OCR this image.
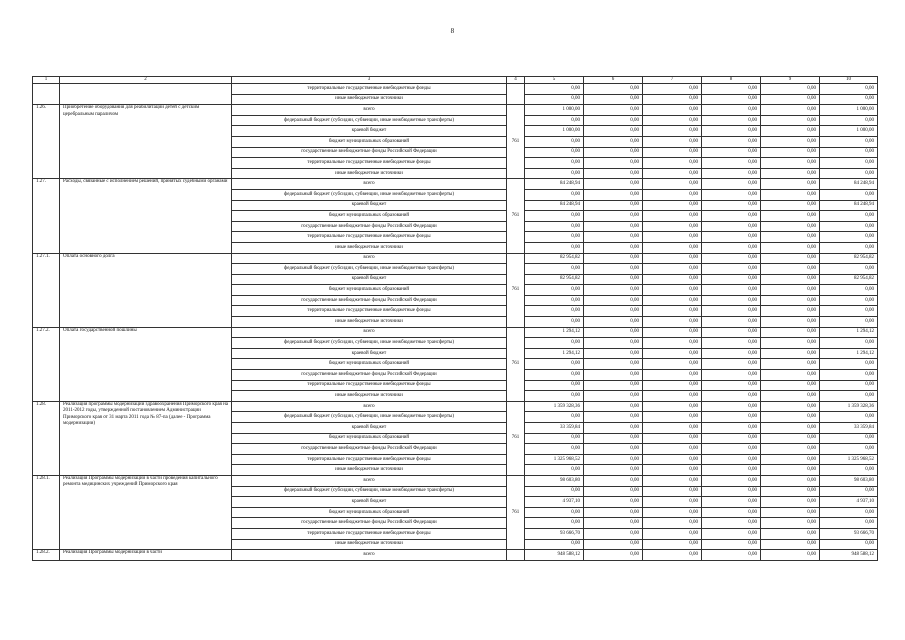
8
1	2	3	4	5	6	7	8	9	10
		территориальные государственные внебюджетные фонды		0,00	0,00	0,00	0,00	0,00	0,00
		иные внебюджетные источники		0,00	0,00	0,00	0,00	0,00	0,00
1.26.	Приобретение оборудования для реабилитации детей с детским церебральным параличом	всего	761	1 000,00	0,00	0,00	0,00	0,00	1 000,00
		федеральный бюджет (субсидии, субвенции, иные межбюджетные трансферты)		0,00	0,00	0,00	0,00	0,00	0,00
		краевой бюджет		1 000,00	0,00	0,00	0,00	0,00	1 000,00
		бюджет муниципальных образований		0,00	0,00	0,00	0,00	0,00	0,00
		государственные внебюджетные фонды Российской Федерации		0,00	0,00	0,00	0,00	0,00	0,00
		территориальные государственные внебюджетные фонды		0,00	0,00	0,00	0,00	0,00	0,00
		иные внебюджетные источники		0,00	0,00	0,00	0,00	0,00	0,00
1.27.	Расходы, связанные с исполнением решений, принятых судебными органами	всего	761	84 248,94	0,00	0,00	0,00	0,00	84 248,94
		федеральный бюджет (субсидии, субвенции, иные межбюджетные трансферты)		0,00	0,00	0,00	0,00	0,00	0,00
		краевой бюджет		84 248,94	0,00	0,00	0,00	0,00	84 248,94
		бюджет муниципальных образований		0,00	0,00	0,00	0,00	0,00	0,00
		государственные внебюджетные фонды Российской Федерации		0,00	0,00	0,00	0,00	0,00	0,00
		территориальные государственные внебюджетные фонды		0,00	0,00	0,00	0,00	0,00	0,00
		иные внебюджетные источники		0,00	0,00	0,00	0,00	0,00	0,00
1.27.1.	Оплата основного долга	всего	761	82 954,82	0,00	0,00	0,00	0,00	82 954,82
		федеральный бюджет (субсидии, субвенции, иные межбюджетные трансферты)		0,00	0,00	0,00	0,00	0,00	0,00
		краевой бюджет		82 954,82	0,00	0,00	0,00	0,00	82 954,82
		бюджет муниципальных образований		0,00	0,00	0,00	0,00	0,00	0,00
		государственные внебюджетные фонды Российской Федерации		0,00	0,00	0,00	0,00	0,00	0,00
		территориальные государственные внебюджетные фонды		0,00	0,00	0,00	0,00	0,00	0,00
		иные внебюджетные источники		0,00	0,00	0,00	0,00	0,00	0,00
1.27.2.	Оплата государственной пошлины	всего	761	1 294,12	0,00	0,00	0,00	0,00	1 294,12
		федеральный бюджет (субсидии, субвенции, иные межбюджетные трансферты)		0,00	0,00	0,00	0,00	0,00	0,00
		краевой бюджет		1 294,12	0,00	0,00	0,00	0,00	1 294,12
		бюджет муниципальных образований		0,00	0,00	0,00	0,00	0,00	0,00
		государственные внебюджетные фонды Российской Федерации		0,00	0,00	0,00	0,00	0,00	0,00
		территориальные государственные внебюджетные фонды		0,00	0,00	0,00	0,00	0,00	0,00
		иные внебюджетные источники		0,00	0,00	0,00	0,00	0,00	0,00
1.28.	Реализация программы модернизации здравоохранения Приморского края на 2011-2012 годы, утвержденной постановлением Администрации Приморского края от 31 марта 2011 года № 87-па (далее - Программа модернизации)	всего	761	1 359 328,36	0,00	0,00	0,00	0,00	1 359 328,36
		федеральный бюджет (субсидии, субвенции, иные межбюджетные трансферты)		0,00	0,00	0,00	0,00	0,00	0,00
		краевой бюджет		33 359,84	0,00	0,00	0,00	0,00	33 359,84
		бюджет муниципальных образований		0,00	0,00	0,00	0,00	0,00	0,00
		государственные внебюджетные фонды Российской Федерации		0,00	0,00	0,00	0,00	0,00	0,00
		территориальные государственные внебюджетные фонды		1 325 968,52	0,00	0,00	0,00	0,00	1 325 968,52
		иные внебюджетные источники		0,00	0,00	0,00	0,00	0,00	0,00
1.28.1.	Реализация Программы модернизации в части проведения капитального ремонта медицинских учреждений Приморского края	всего	761	98 603,80	0,00	0,00	0,00	0,00	98 603,80
		федеральный бюджет (субсидии, субвенции, иные межбюджетные трансферты)		0,00	0,00	0,00	0,00	0,00	0,00
		краевой бюджет		4 937,10	0,00	0,00	0,00	0,00	4 937,10
		бюджет муниципальных образований		0,00	0,00	0,00	0,00	0,00	0,00
		государственные внебюджетные фонды Российской Федерации		0,00	0,00	0,00	0,00	0,00	0,00
		территориальные государственные внебюджетные фонды		93 666,70	0,00	0,00	0,00	0,00	93 666,70
		иные внебюджетные источники		0,00	0,00	0,00	0,00	0,00	0,00
1.28.2.	Реализация Программы модернизации в части	всего		948 588,12	0,00	0,00	0,00	0,00	948 588,12
